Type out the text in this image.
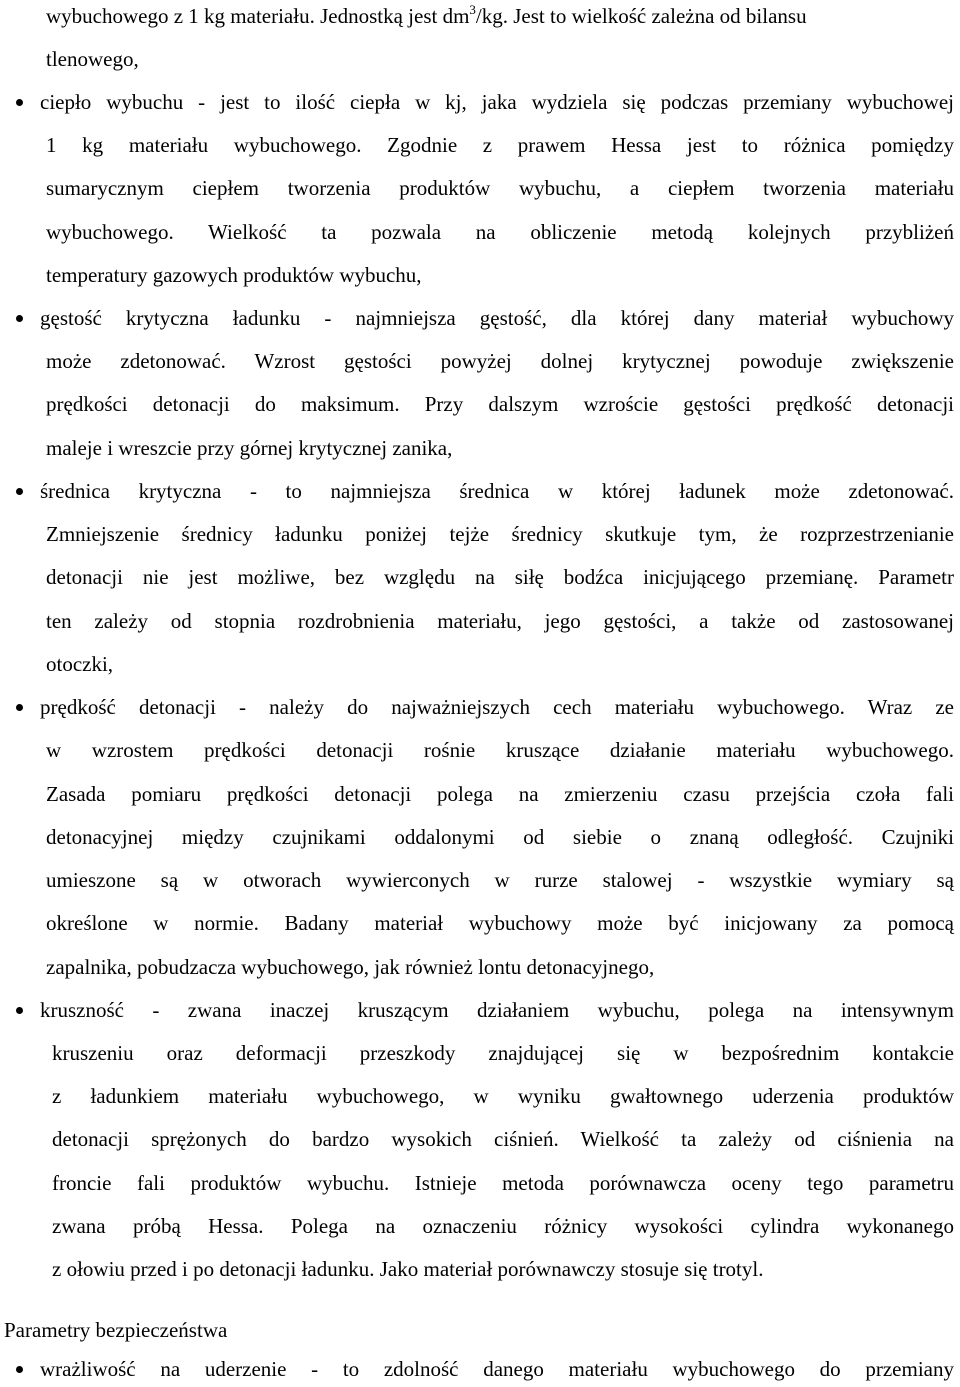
wybuchowego z 1 kg materiału. Jednostką jest $dm^3/kg$. Jest to wielkość zależna od bilansu
tlenowego,
ciepło wybuchu - jest to ilość ciepła w kj, jaka wydziela się podczas przemiany wybuchowej
1 kg materiału wybuchowego. Zgodnie z prawem Hessa jest to różnica pomiędzy
sumarycznym ciepłem tworzenia produktów wybuchu, a ciepłem tworzenia materiału
wybuchowego. Wielkość ta pozwala na obliczenie metodą kolejnych przybliżeń
temperatury gazowych produktów wybuchu,
gęstość krytyczna ładunku - najmniejsza gęstość, dla której dany materiał wybuchowy
może zdetonować. Wzrost gęstości powyżej dolnej krytycznej powoduje zwiększenie
prędkości detonacji do maksimum. Przy dalszym wzroście gęstości prędkość detonacji
maleje i wreszcie przy górnej krytycznej zanika,
średnica krytyczna - to najmniejsza średnica w której ładunek może zdetonować.
Zmniejszenie średnicy ładunku poniżej tejże średnicy skutkuje tym, że rozprzestrzenianie
detonacji nie jest możliwe, bez względu na siłę bodźca inicjującego przemianę. Parametr
ten zależy od stopnia rozdrobnienia materiału, jego gęstości, a także od zastosowanej
otoczki,
prędkość detonacji - należy do najważniejszych cech materiału wybuchowego. Wraz ze
w wzrostem prędkości detonacji rośnie kruszące działanie materiału wybuchowego.
Zasada pomiaru prędkości detonacji polega na zmierzeniu czasu przejścia czoła fali
detonacyjnej między czujnikami oddalonymi od siebie o znaną odległość. Czujniki
umieszone są w otworach wywierconych w rurze stalowej - wszystkie wymiary są
określone w normie. Badany materiał wybuchowy może być inicjowany za pomocą
zapalnika, pobudzacza wybuchowego, jak również lontu detonacyjnego,
kruszność - zwana inaczej kruszącym działaniem wybuchu, polega na intensywnym
kruszeniu oraz deformacji przeszkody znajdującej się w bezpośrednim kontakcie
z ładunkiem materiału wybuchowego, w wyniku gwałtownego uderzenia produktów
detonacji sprężonych do bardzo wysokich ciśnień. Wielkość ta zależy od ciśnienia na
froncie fali produktów wybuchu. Istnieje metoda porównawcza oceny tego parametru
zwana próbą Hessa. Polega na oznaczeniu różnicy wysokości cylindra wykonanego
z ołowiu przed i po detonacji ładunku. Jako materiał porównawczy stosuje się trotyl.
Parametry bezpieczeństwa
wrażliwość na uderzenie - to zdolność danego materiału wybuchowego do przemiany
